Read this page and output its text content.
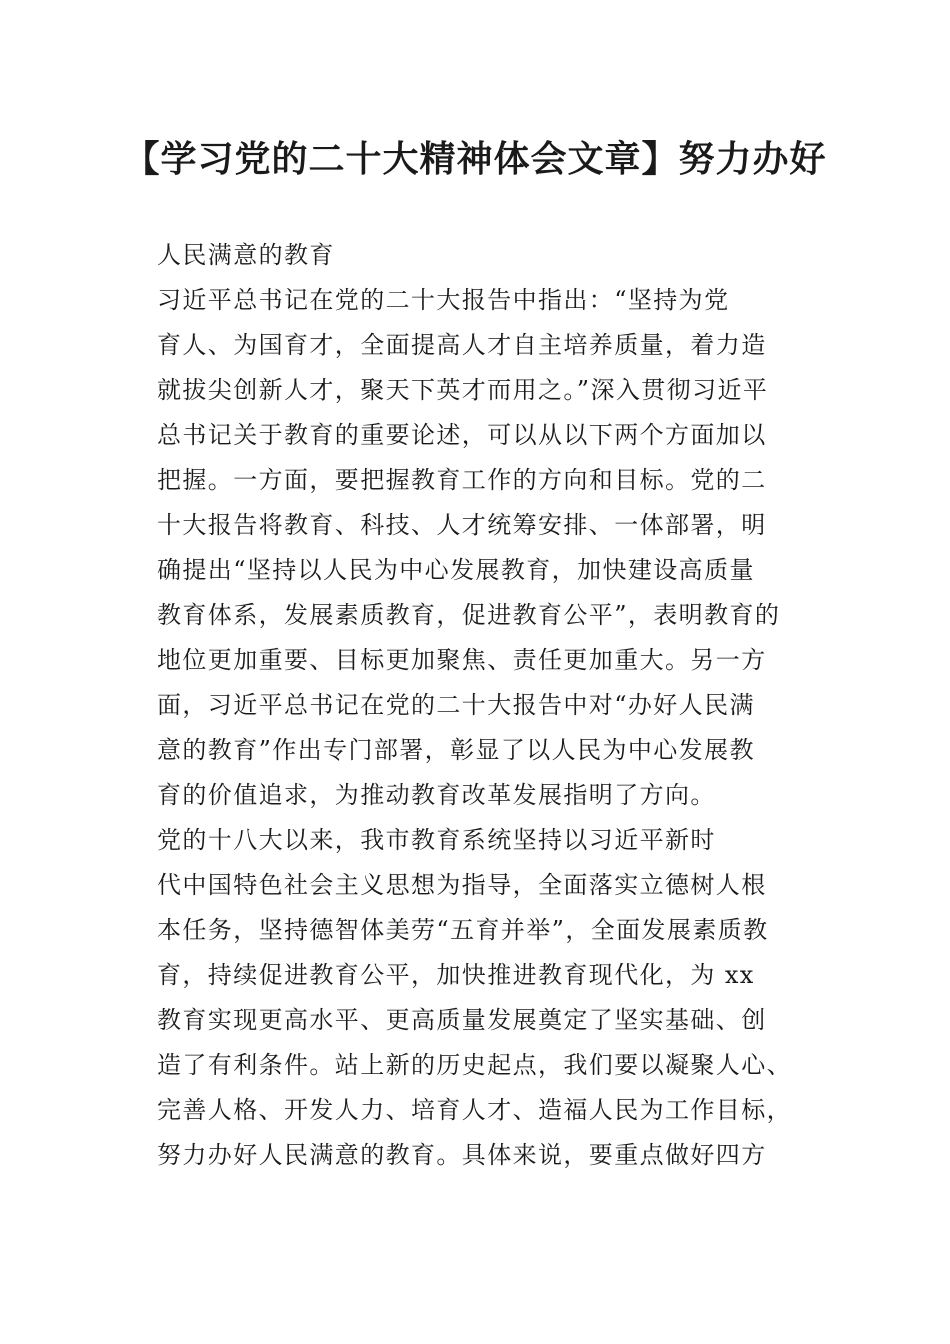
【学习党的二十大精神体会文章】努力办好
人民满意的教育
习近平总书记在党的二十大报告中指出：“坚持为党
育人、为国育才，全面提高人才自主培养质量，着力造
就拔尖创新人才，聚天下英才而用之。”深入贯彻习近平
总书记关于教育的重要论述，可以从以下两个方面加以
把握。一方面，要把握教育工作的方向和目标。党的二
十大报告将教育、科技、人才统筹安排、一体部署，明
确提出“坚持以人民为中心发展教育，加快建设高质量
教育体系，发展素质教育，促进教育公平”，表明教育的
地位更加重要、目标更加聚焦、责任更加重大。另一方
面，习近平总书记在党的二十大报告中对“办好人民满
意的教育”作出专门部署，彰显了以人民为中心发展教
育的价值追求，为推动教育改革发展指明了方向。
党的十八大以来，我市教育系统坚持以习近平新时
代中国特色社会主义思想为指导，全面落实立德树人根
本任务，坚持德智体美劳“五育并举”，全面发展素质教
育，持续促进教育公平，加快推进教育现代化，为 xx
教育实现更高水平、更高质量发展奠定了坚实基础、创
造了有利条件。站上新的历史起点，我们要以凝聚人心、
完善人格、开发人力、培育人才、造福人民为工作目标，
努力办好人民满意的教育。具体来说，要重点做好四方
